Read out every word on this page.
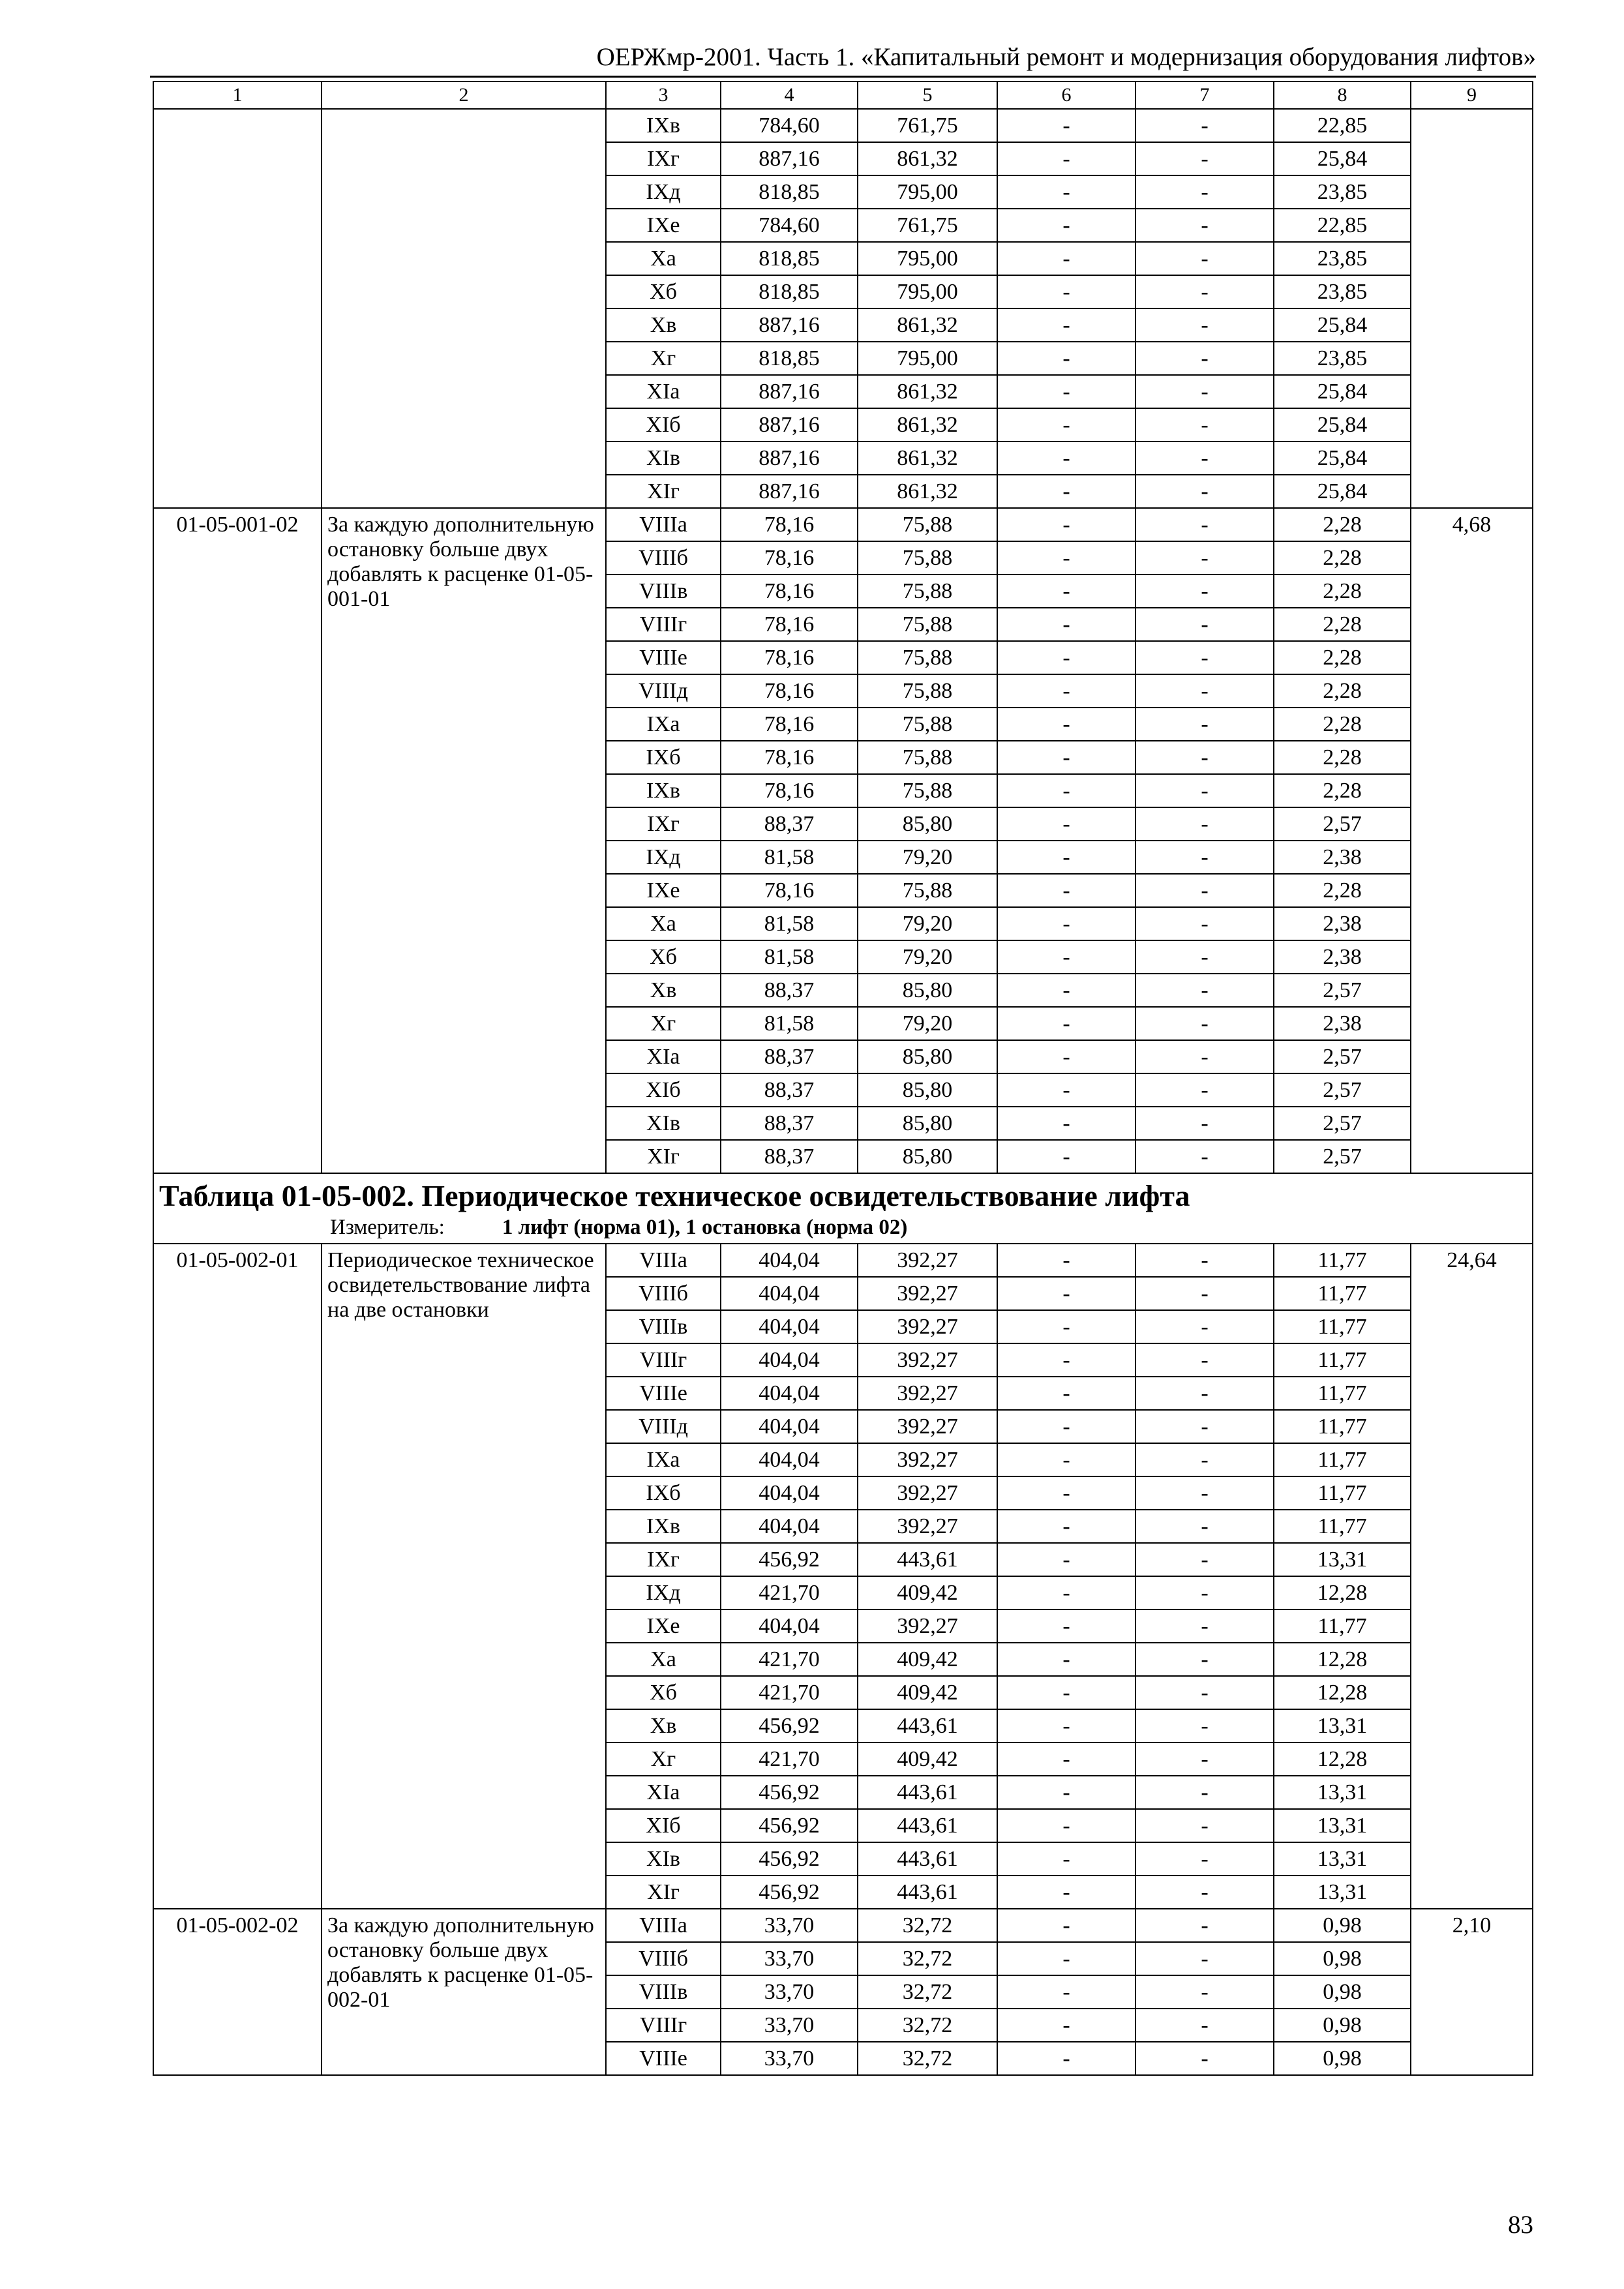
ОЕРЖмр-2001. Часть 1. «Капитальный ремонт и модернизация оборудования лифтов»
1	2	3	4	5	6	7	8	9
		IXв	784,60	761,75	-	-	22,85	
		IXг	887,16	861,32	-	-	25,84	
		IXд	818,85	795,00	-	-	23,85	
		IXе	784,60	761,75	-	-	22,85	
		Xа	818,85	795,00	-	-	23,85	
		Xб	818,85	795,00	-	-	23,85	
		Xв	887,16	861,32	-	-	25,84	
		Xг	818,85	795,00	-	-	23,85	
		XIа	887,16	861,32	-	-	25,84	
		XIб	887,16	861,32	-	-	25,84	
		XIв	887,16	861,32	-	-	25,84	
		XIг	887,16	861,32	-	-	25,84	
01-05-001-02	За каждую дополнительную остановку больше двух добавлять к расценке 01-05-001-01	VIIIа	78,16	75,88	-	-	2,28	4,68
		VIIIб	78,16	75,88	-	-	2,28	
		VIIIв	78,16	75,88	-	-	2,28	
		VIIIг	78,16	75,88	-	-	2,28	
		VIIIе	78,16	75,88	-	-	2,28	
		VIIIд	78,16	75,88	-	-	2,28	
		IXа	78,16	75,88	-	-	2,28	
		IXб	78,16	75,88	-	-	2,28	
		IXв	78,16	75,88	-	-	2,28	
		IXг	88,37	85,80	-	-	2,57	
		IXд	81,58	79,20	-	-	2,38	
		IXе	78,16	75,88	-	-	2,28	
		Xа	81,58	79,20	-	-	2,38	
		Xб	81,58	79,20	-	-	2,38	
		Xв	88,37	85,80	-	-	2,57	
		Xг	81,58	79,20	-	-	2,38	
		XIа	88,37	85,80	-	-	2,57	
		XIб	88,37	85,80	-	-	2,57	
		XIв	88,37	85,80	-	-	2,57	
		XIг	88,37	85,80	-	-	2,57	

Таблица 01-05-002. Периодическое техническое освидетельствование лифта
Измеритель: 1 лифт (норма 01), 1 остановка (норма 02)								

01-05-002-01	Периодическое техническое освидетельствование лифта на две остановки	VIIIа	404,04	392,27	-	-	11,77	24,64
		VIIIб	404,04	392,27	-	-	11,77	
		VIIIв	404,04	392,27	-	-	11,77	
		VIIIг	404,04	392,27	-	-	11,77	
		VIIIе	404,04	392,27	-	-	11,77	
		VIIIд	404,04	392,27	-	-	11,77	
		IXа	404,04	392,27	-	-	11,77	
		IXб	404,04	392,27	-	-	11,77	
		IXв	404,04	392,27	-	-	11,77	
		IXг	456,92	443,61	-	-	13,31	
		IXд	421,70	409,42	-	-	12,28	
		IXе	404,04	392,27	-	-	11,77	
		Xа	421,70	409,42	-	-	12,28	
		Xб	421,70	409,42	-	-	12,28	
		Xв	456,92	443,61	-	-	13,31	
		Xг	421,70	409,42	-	-	12,28	
		XIа	456,92	443,61	-	-	13,31	
		XIб	456,92	443,61	-	-	13,31	
		XIв	456,92	443,61	-	-	13,31	
		XIг	456,92	443,61	-	-	13,31	
01-05-002-02	За каждую дополнительную остановку больше двух добавлять к расценке 01-05-002-01	VIIIа	33,70	32,72	-	-	0,98	2,10
		VIIIб	33,70	32,72	-	-	0,98	
		VIIIв	33,70	32,72	-	-	0,98	
		VIIIг	33,70	32,72	-	-	0,98	
		VIIIе	33,70	32,72	-	-	0,98	
83
